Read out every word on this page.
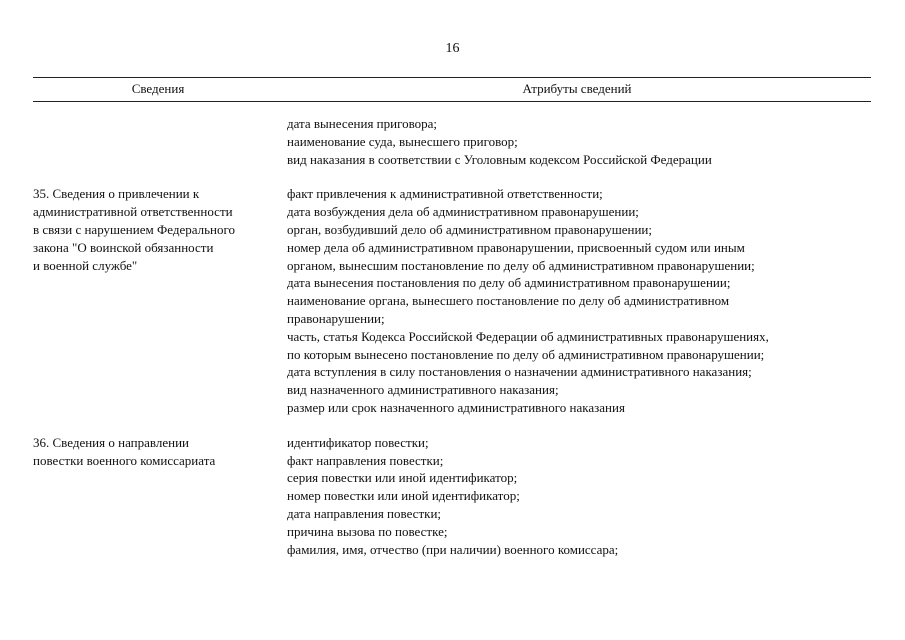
16
Сведения	Атрибуты сведений
дата вынесения приговора;
наименование суда, вынесшего приговор;
вид наказания в соответствии с Уголовным кодексом Российской Федерации
35. Сведения о привлечении к
административной ответственности
в связи с нарушением Федерального
закона "О воинской обязанности
и военной службе"
факт привлечения к административной ответственности;
дата возбуждения дела об административном правонарушении;
орган, возбудивший дело об административном правонарушении;
номер дела об административном правонарушении, присвоенный судом или иным
органом, вынесшим постановление по делу об административном правонарушении;
дата вынесения постановления по делу об административном правонарушении;
наименование органа, вынесшего постановление по делу об административном
правонарушении;
часть, статья Кодекса Российской Федерации об административных правонарушениях,
по которым вынесено постановление по делу об административном правонарушении;
дата вступления в силу постановления о назначении административного наказания;
вид назначенного административного наказания;
размер или срок назначенного административного наказания
36. Сведения о направлении
повестки военного комиссариата
идентификатор повестки;
факт направления повестки;
серия повестки или иной идентификатор;
номер повестки или иной идентификатор;
дата направления повестки;
причина вызова по повестке;
фамилия, имя, отчество (при наличии) военного комиссара;
